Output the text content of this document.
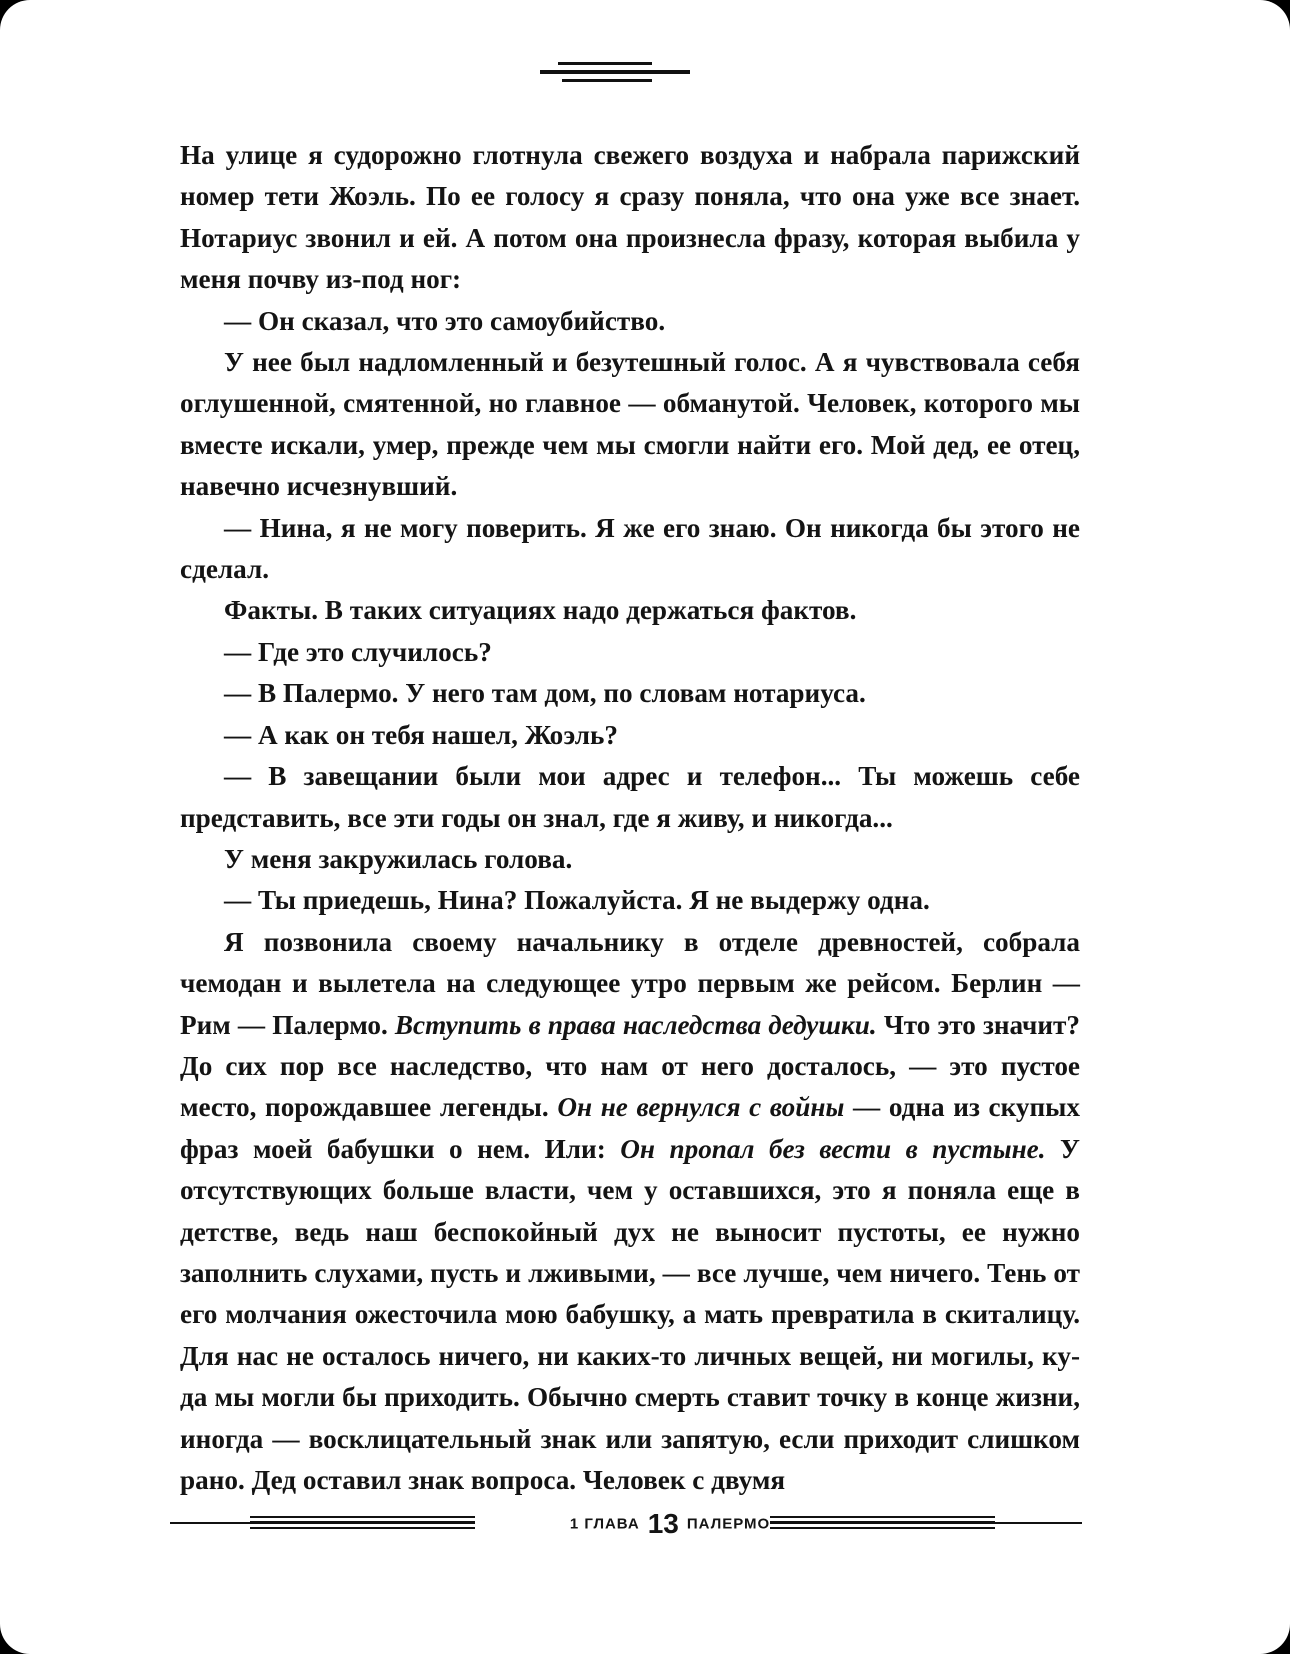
На улице я судорожно глотнула свежего воздуха и набрала парижский номер тети Жоэль. По ее голосу я сразу поняла, что она уже все знает. Нотариус звонил и ей. А потом она произнесла фразу, которая выбила у меня почву из-под ног:

— Он сказал, что это самоубийство.

У нее был надломленный и безутешный голос. А я чувствовала себя оглушенной, смятенной, но главное — обманутой. Человек, которого мы вместе искали, умер, прежде чем мы смогли найти его. Мой дед, ее отец, навечно исчезнувший.

— Нина, я не могу поверить. Я же его знаю. Он никогда бы этого не сделал.

Факты. В таких ситуациях надо держаться фактов.

— Где это случилось?

— В Палермо. У него там дом, по словам нотариуса.

— А как он тебя нашел, Жоэль?

— В завещании были мои адрес и телефон... Ты можешь себе представить, все эти годы он знал, где я живу, и никогда...

У меня закружилась голова.

— Ты приедешь, Нина? Пожалуйста. Я не выдержу одна.

Я позвонила своему начальнику в отделе древностей, собрала чемодан и вылетела на следующее утро первым же рейсом. Берлин — Рим — Палермо. Вступить в права наследства дедушки. Что это значит? До сих пор все наследство, что нам от него досталось, — это пустое место, порождавшее легенды. Он не вернулся с войны — одна из скупых фраз моей бабушки о нем. Или: Он пропал без вести в пустыне. У отсутствующих больше власти, чем у оставшихся, это я поняла еще в детстве, ведь наш беспокойный дух не выносит пустоты, ее нужно заполнить слухами, пусть и лживыми, — все лучше, чем ничего. Тень от его молчания ожесточила мою бабушку, а мать превратила в скиталицу. Для нас не осталось ничего, ни каких-то личных вещей, ни могилы, куда мы могли бы приходить. Обычно смерть ставит точку в конце жизни, иногда — восклицательный знак или запятую, если приходит слишком рано. Дед оставил знак вопроса. Человек с двумя

1 ГЛАВА 13 ПАЛЕРМО
